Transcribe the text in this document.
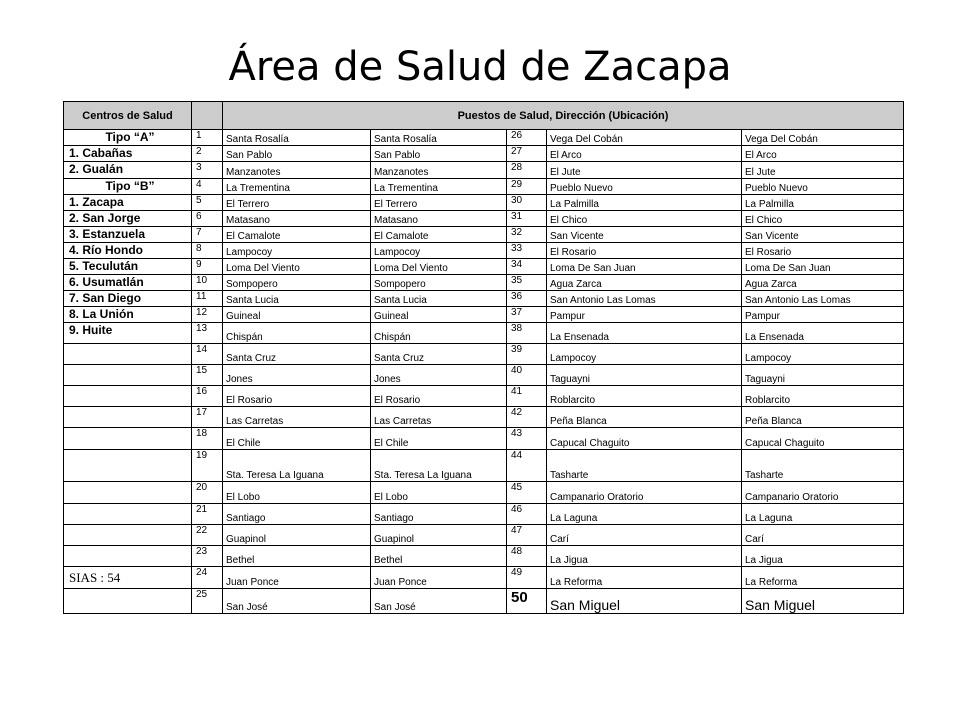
Área de Salud de Zacapa
Centros de Salud		Puestos de Salud, Dirección (Ubicación)				
Tipo “A”	1	Santa Rosalía	Santa Rosalía	26	Vega Del Cobán	Vega Del Cobán
1. Cabañas	2	San Pablo	San Pablo	27	El Arco	El Arco
2. Gualán	3	Manzanotes	Manzanotes	28	El Jute	El Jute
Tipo “B”	4	La Trementina	La Trementina	29	Pueblo Nuevo	Pueblo Nuevo
1. Zacapa	5	El Terrero	El Terrero	30	La Palmilla	La Palmilla
2. San Jorge	6	Matasano	Matasano	31	El Chico	El Chico
3. Estanzuela	7	El Camalote	El Camalote	32	San Vicente	San Vicente
4. Río Hondo	8	Lampocoy	Lampocoy	33	El Rosario	El Rosario
5. Teculután	9	Loma Del Viento	Loma Del Viento	34	Loma De San Juan	Loma De San Juan
6. Usumatlán	10	Sompopero	Sompopero	35	Agua Zarca	Agua Zarca
7. San Diego	11	Santa Lucia	Santa Lucia	36	San Antonio Las Lomas	San Antonio Las Lomas
8. La Unión	12	Guineal	Guineal	37	Pampur	Pampur
9. Huite	13	Chispán	Chispán	38	La Ensenada	La Ensenada
	14	Santa Cruz	Santa Cruz	39	Lampocoy	Lampocoy
	15	Jones	Jones	40	Taguayni	Taguayni
	16	El Rosario	El Rosario	41	Roblarcito	Roblarcito
	17	Las Carretas	Las Carretas	42	Peña Blanca	Peña Blanca
	18	El Chile	El Chile	43	Capucal Chaguito	Capucal Chaguito
	19	Sta. Teresa La Iguana	Sta. Teresa La Iguana	44	Tasharte	Tasharte
	20	El Lobo	El Lobo	45	Campanario Oratorio	Campanario Oratorio
	21	Santiago	Santiago	46	La Laguna	La Laguna
	22	Guapinol	Guapinol	47	Carí	Carí
	23	Bethel	Bethel	48	La Jigua	La Jigua
SIAS : 54	24	Juan Ponce	Juan Ponce	49	La Reforma	La Reforma
	25	San José	San José	50	San Miguel	San Miguel
